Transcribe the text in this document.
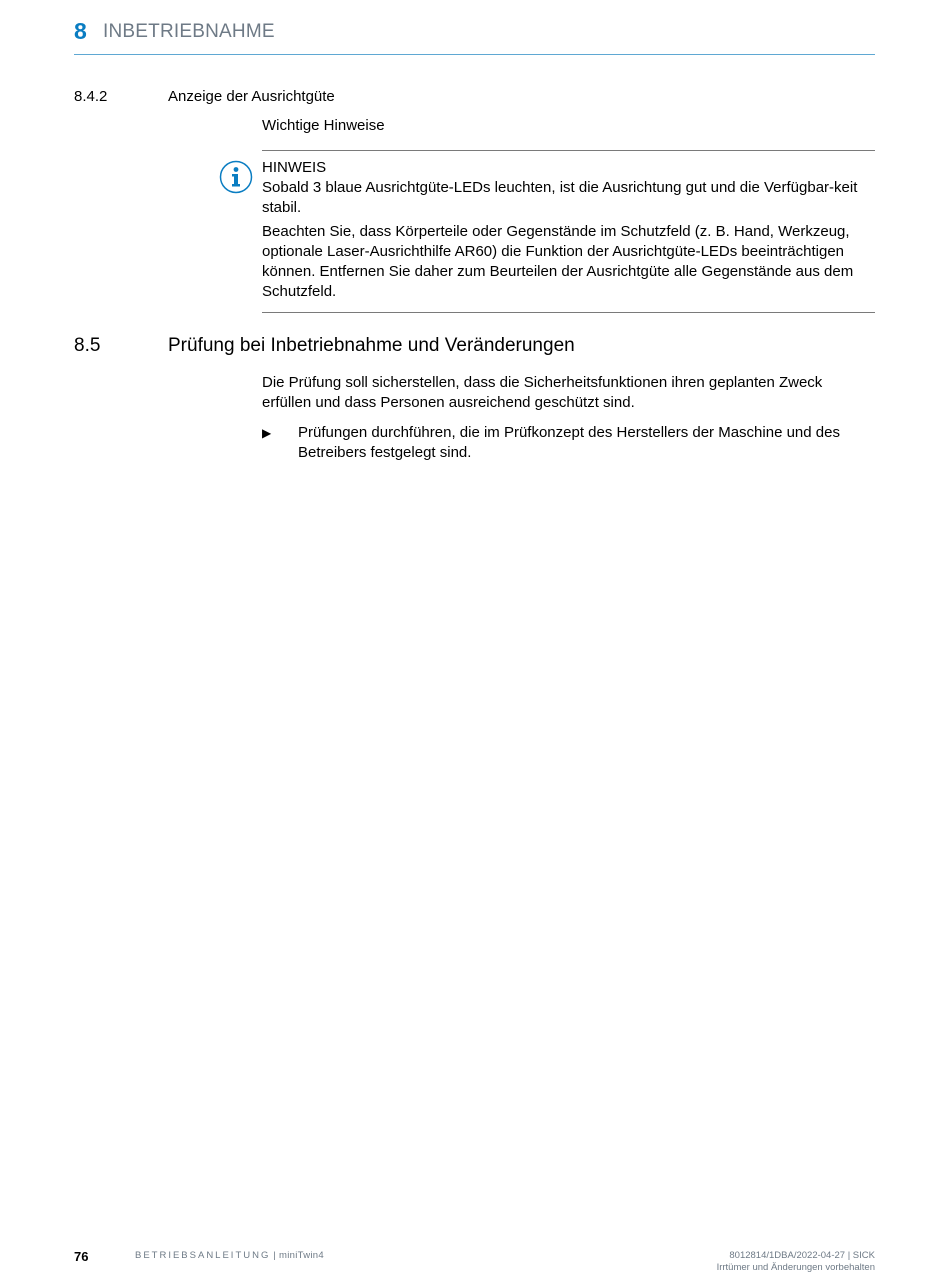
8 INBETRIEBNAHME
8.4.2	Anzeige der Ausrichtgüte
Wichtige Hinweise
HINWEIS

Sobald 3 blaue Ausrichtgüte-LEDs leuchten, ist die Ausrichtung gut und die Verfügbar-keit stabil.

Beachten Sie, dass Körperteile oder Gegenstände im Schutzfeld (z. B. Hand, Werkzeug, optionale Laser-Ausrichthilfe AR60) die Funktion der Ausrichtgüte-LEDs beeinträchtigen können. Entfernen Sie daher zum Beurteilen der Ausrichtgüte alle Gegenstände aus dem Schutzfeld.

8.5	Prüfung bei Inbetriebnahme und Veränderungen

Die Prüfung soll sicherstellen, dass die Sicherheitsfunktionen ihren geplanten Zweck erfüllen und dass Personen ausreichend geschützt sind.

▶ Prüfungen durchführen, die im Prüfkonzept des Herstellers der Maschine und des Betreibers festgelegt sind.
76	BETRIEBSANLEITUNG | miniTwin4	8012814/1DBA/2022-04-27 | SICK
Irrtümer und Änderungen vorbehalten
